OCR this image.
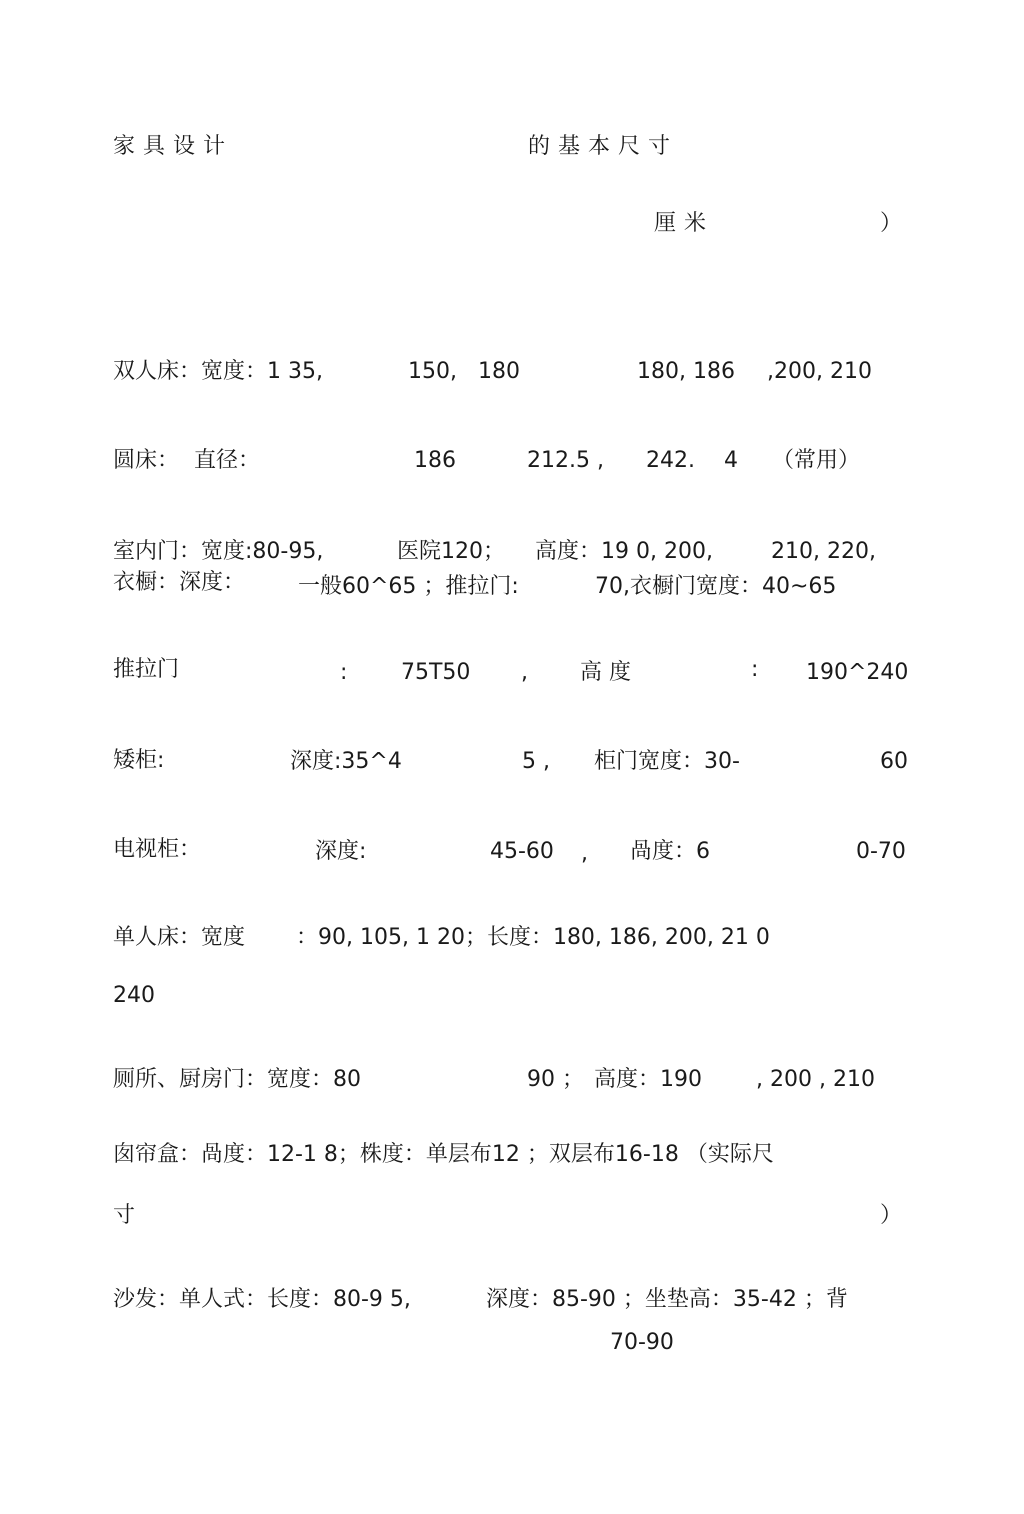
家具设计	的基本尺寸
厘米	）
双人床：宽度：1 35,	150, 180	180, 186 ,200, 210
圆床： 直径：	186	212.5 , 242. 4 （常用）
室内门：宽度:80-95,	医院120； 高度：19 0, 200,	210, 220,
衣橱：深度： 一般60^65 ；推拉门:	70,衣橱门宽度：40~65
推拉门	: 75T50 , 高 度	: 190^240
矮柜:	深度:35^4	5 , 柜门宽度：30-	60
电视柜：	深度:	45-60 , 咼度：6	0-70
单人床：宽度 ：90, 105, 1 20；长度：180, 186, 200, 21 0
240
厕所、厨房门：宽度：80	90 ； 高度：190 , 200 , 210
囱帘盒：咼度：12-1 8；株度：单层布12 ；双层布16-18 （实际尺
寸	）
沙发：单人式：长度：80-9 5,	深度：85-90 ；坐垫高：35-42 ；背
70-90
